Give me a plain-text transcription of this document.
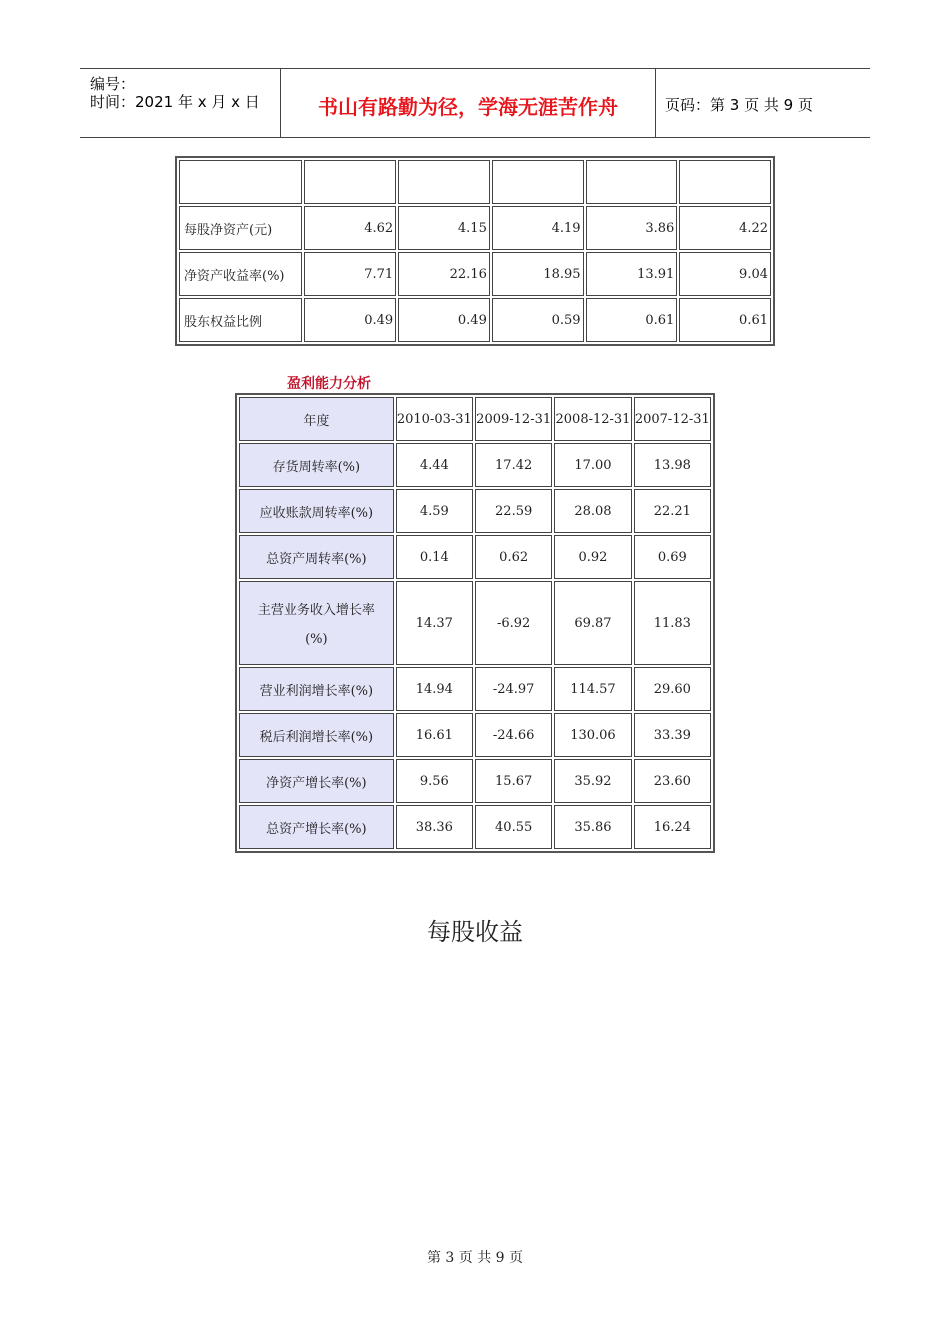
编号：
时间：2021 年 x 月 x 日	书山有路勤为径，学海无涯苦作舟	页码：第 3 页 共 9 页

每股净资产(元)	4.62	4.15	4.19	3.86	4.22
净资产收益率(%)	7.71	22.16	18.95	13.91	9.04
股东权益比例	0.49	0.49	0.59	0.61	0.61
盈利能力分析
年度	2010-03-31	2009-12-31	2008-12-31	2007-12-31
存货周转率(%)	4.44	17.42	17.00	13.98
应收账款周转率(%)	4.59	22.59	28.08	22.21
总资产周转率(%)	0.14	0.62	0.92	0.69
主营业务收入增长率
(%)	14.37	-6.92	69.87	11.83
营业利润增长率(%)	14.94	-24.97	114.57	29.60
税后利润增长率(%)	16.61	-24.66	130.06	33.39
净资产增长率(%)	9.56	15.67	35.92	23.60
总资产增长率(%)	38.36	40.55	35.86	16.24
每股收益
第 3 页 共 9 页
